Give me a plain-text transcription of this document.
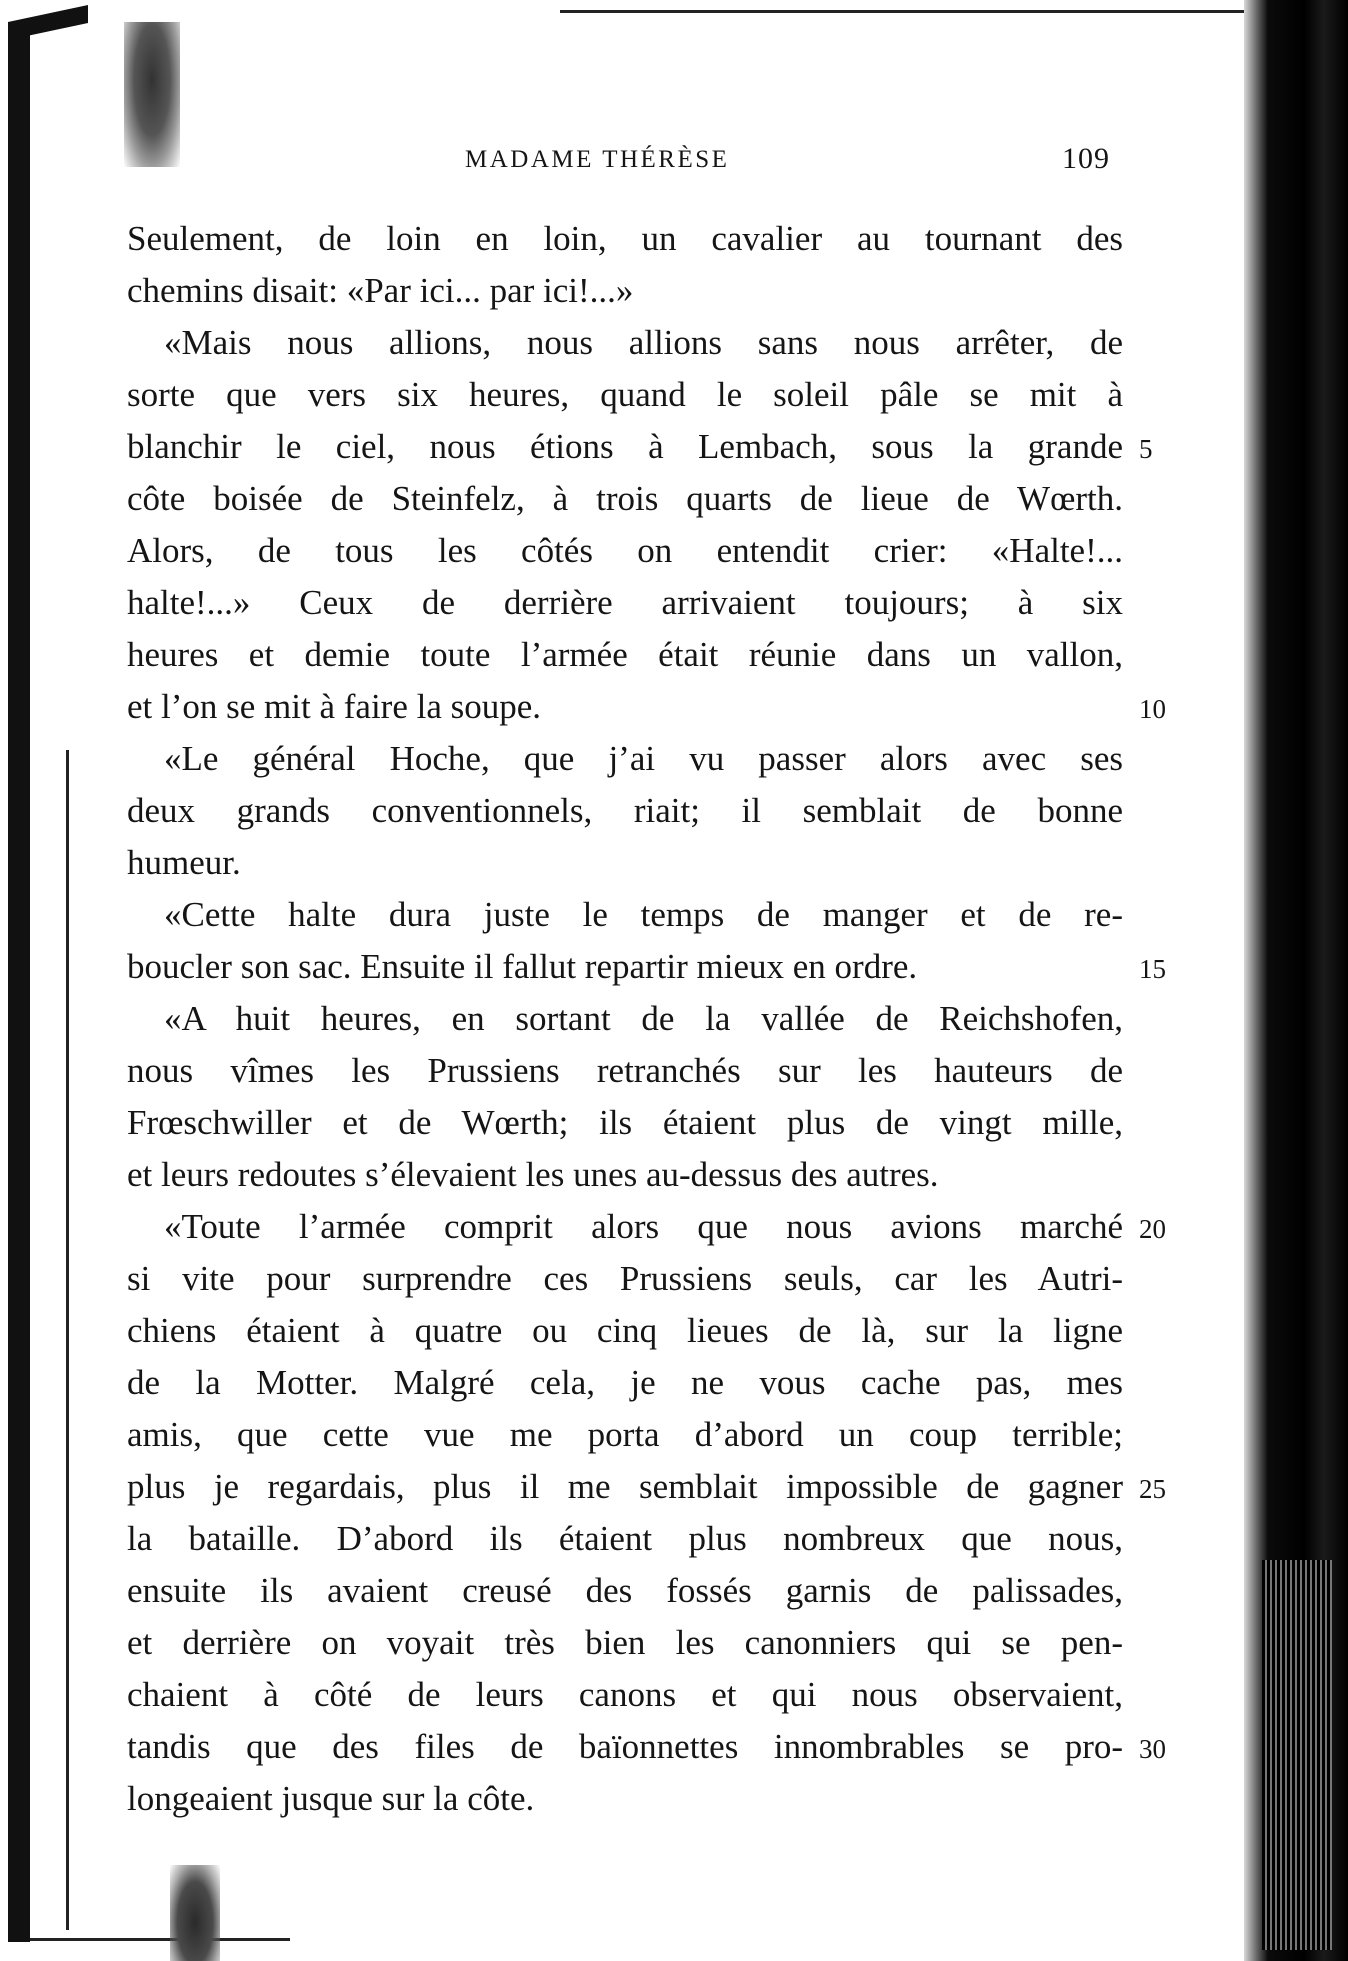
MADAME THÉRÈSE	109
Seulement, de loin en loin, un cavalier au tournant des
chemins disait: «Par ici... par ici!...»
«Mais nous allions, nous allions sans nous arrêter, de
sorte que vers six heures, quand le soleil pâle se mit à
blanchir le ciel, nous étions à Lembach, sous la grande 5
côte boisée de Steinfelz, à trois quarts de lieue de Wœrth.
Alors, de tous les côtés on entendit crier: «Halte!...
halte!...» Ceux de derrière arrivaient toujours; à six
heures et demie toute l’armée était réunie dans un vallon,
et l’on se mit à faire la soupe.	10
«Le général Hoche, que j’ai vu passer alors avec ses
deux grands conventionnels, riait; il semblait de bonne
humeur.
«Cette halte dura juste le temps de manger et de re-
boucler son sac. Ensuite il fallut repartir mieux en ordre.	15
«A huit heures, en sortant de la vallée de Reichshofen,
nous vîmes les Prussiens retranchés sur les hauteurs de
Frœschwiller et de Wœrth; ils étaient plus de vingt mille,
et leurs redoutes s’élevaient les unes au-dessus des autres.
«Toute l’armée comprit alors que nous avions marché 20
si vite pour surprendre ces Prussiens seuls, car les Autri-
chiens étaient à quatre ou cinq lieues de là, sur la ligne
de la Motter. Malgré cela, je ne vous cache pas, mes
amis, que cette vue me porta d’abord un coup terrible;
plus je regardais, plus il me semblait impossible de gagner 25
la bataille. D’abord ils étaient plus nombreux que nous,
ensuite ils avaient creusé des fossés garnis de palissades,
et derrière on voyait très bien les canonniers qui se pen-
chaient à côté de leurs canons et qui nous observaient,
tandis que des files de baïonnettes innombrables se pro- 30
longeaient jusque sur la côte.
